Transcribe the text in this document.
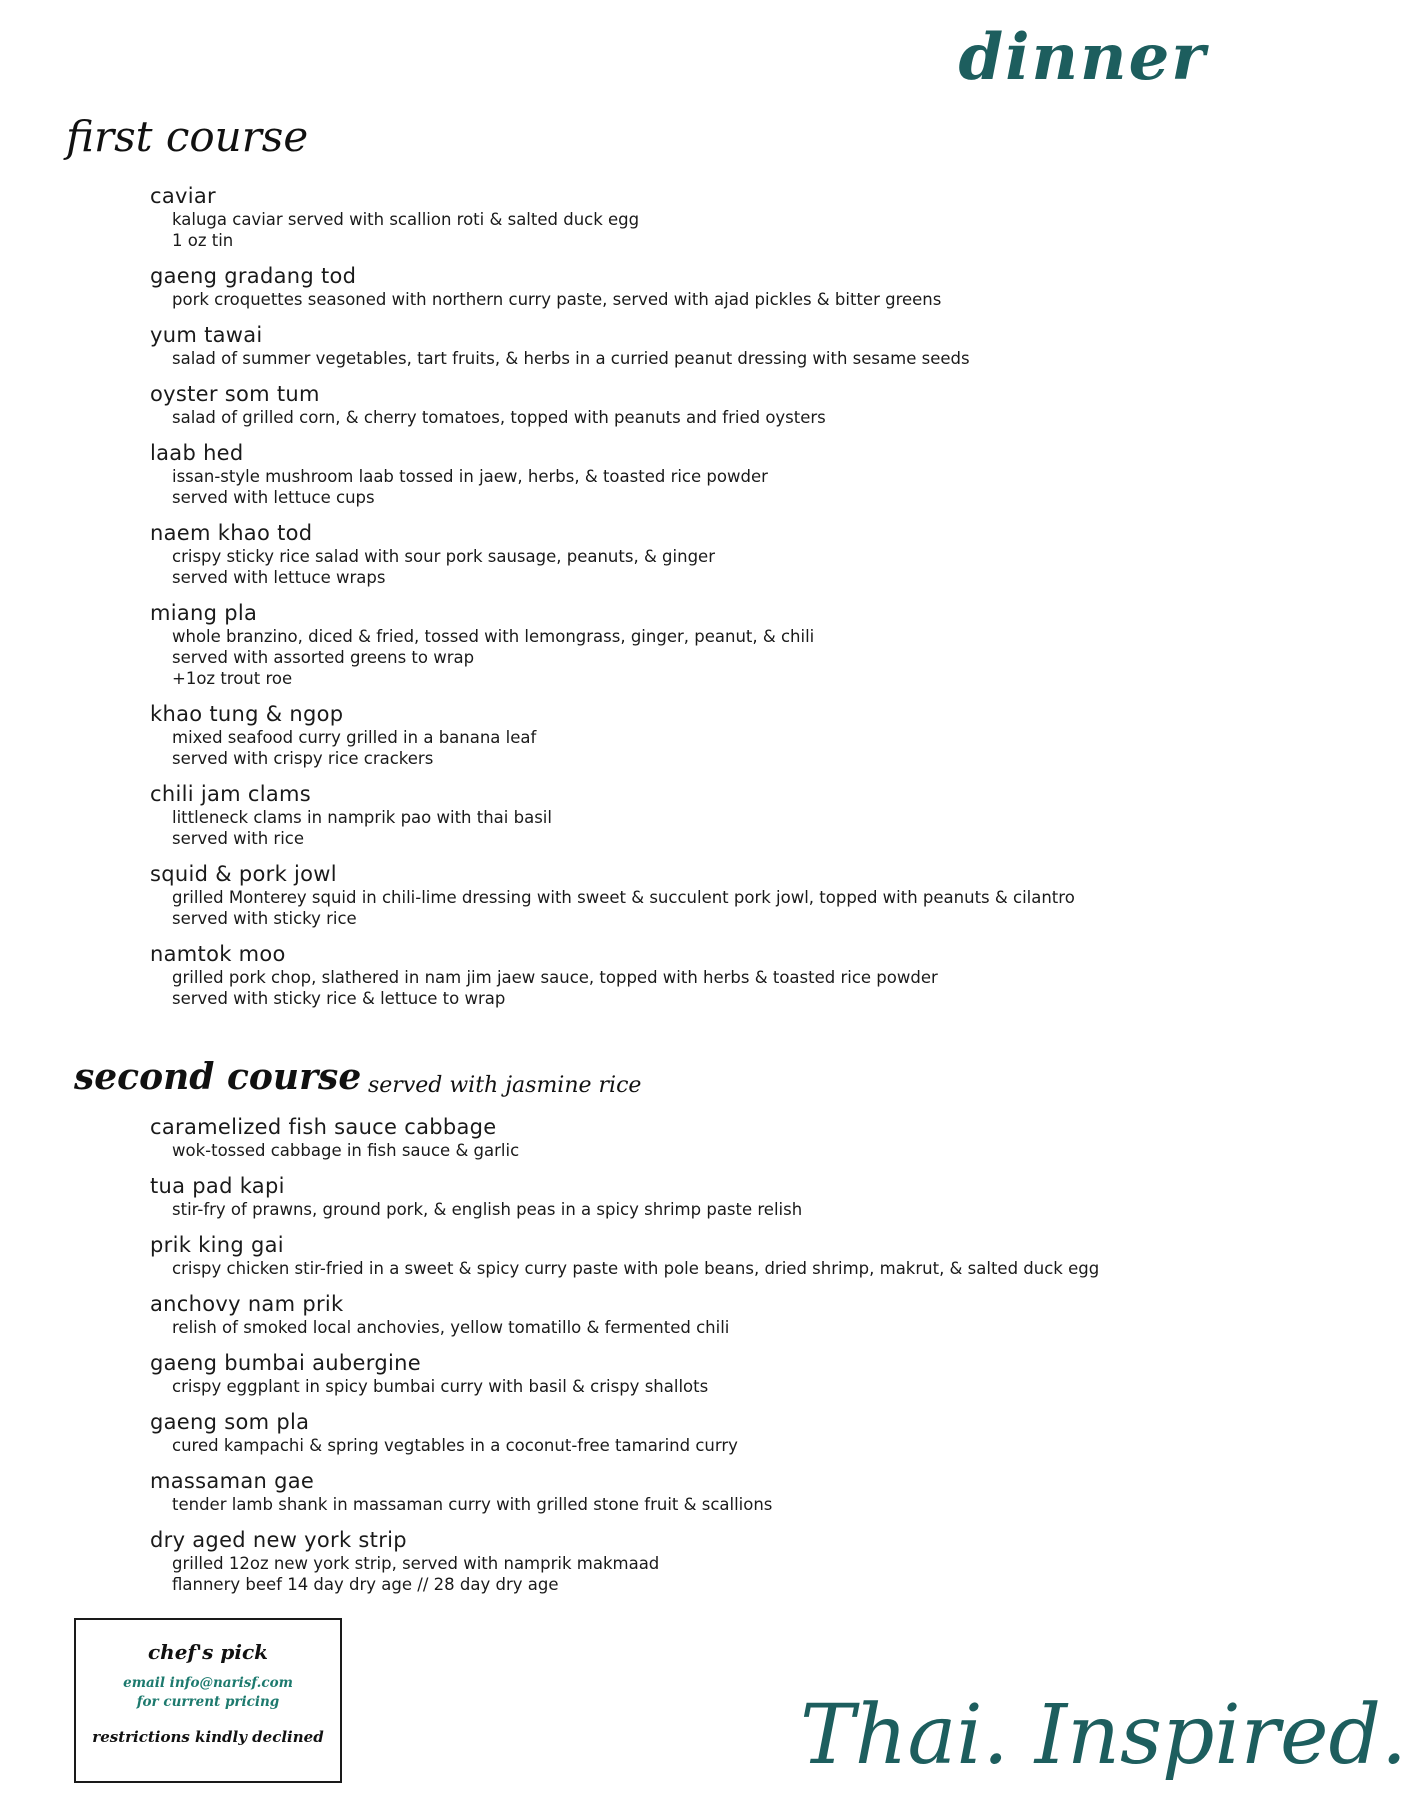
dinner
first course
caviar
kaluga caviar served with scallion roti & salted duck egg
1 oz tin
gaeng gradang tod
pork croquettes seasoned with northern curry paste, served with ajad pickles & bitter greens
yum tawai
salad of summer vegetables, tart fruits, & herbs in a curried peanut dressing with sesame seeds
oyster som tum
salad of grilled corn, & cherry tomatoes, topped with peanuts and fried oysters
laab hed
issan-style mushroom laab tossed in jaew, herbs, & toasted rice powder
served with lettuce cups
naem khao tod
crispy sticky rice salad with sour pork sausage, peanuts, & ginger
served with lettuce wraps
miang pla
whole branzino, diced & fried, tossed with lemongrass, ginger, peanut, & chili
served with assorted greens to wrap
+1oz trout roe
khao tung & ngop
mixed seafood curry grilled in a banana leaf
served with crispy rice crackers
chili jam clams
littleneck clams in namprik pao with thai basil
served with rice
squid & pork jowl
grilled Monterey squid in chili-lime dressing with sweet & succulent pork jowl, topped with peanuts & cilantro
served with sticky rice
namtok moo
grilled pork chop, slathered in nam jim jaew sauce, topped with herbs & toasted rice powder
served with sticky rice & lettuce to wrap
second course served with jasmine rice
caramelized fish sauce cabbage
wok-tossed cabbage in fish sauce & garlic
tua pad kapi
stir-fry of prawns, ground pork, & english peas in a spicy shrimp paste relish
prik king gai
crispy chicken stir-fried in a sweet & spicy curry paste with pole beans, dried shrimp, makrut, & salted duck egg
anchovy nam prik
relish of smoked local anchovies, yellow tomatillo & fermented chili
gaeng bumbai aubergine
crispy eggplant in spicy bumbai curry with basil & crispy shallots
gaeng som pla
cured kampachi & spring vegtables in a coconut-free tamarind curry
massaman gae
tender lamb shank in massaman curry with grilled stone fruit & scallions
dry aged new york strip
grilled 12oz new york strip, served with namprik makmaad
flannery beef 14 day dry age // 28 day dry age
chef's pick
email info@narisf.com
for current pricing
restrictions kindly declined	Thai. Inspired.
